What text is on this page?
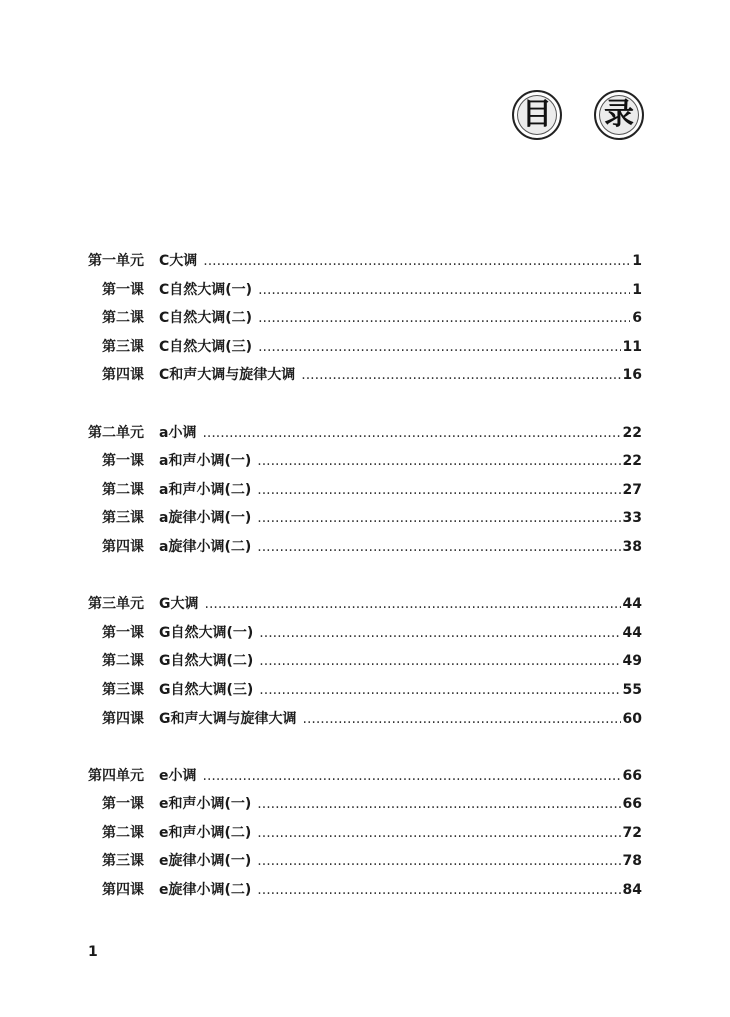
目	录
第一单元	C大调 .....	1
第一课	C自然大调(一) .....	1
第二课	C自然大调(二) .....	6
第三课	C自然大调(三) .....	11
第四课	C和声大调与旋律大调 .....	16
第二单元	a小调 .....	22
第一课	a和声小调(一) .....	22
第二课	a和声小调(二) .....	27
第三课	a旋律小调(一) .....	33
第四课	a旋律小调(二) .....	38
第三单元	G大调 .....	44
第一课	G自然大调(一) .....	44
第二课	G自然大调(二) .....	49
第三课	G自然大调(三) .....	55
第四课	G和声大调与旋律大调 .....	60
第四单元	e小调 .....	66
第一课	e和声小调(一) .....	66
第二课	e和声小调(二) .....	72
第三课	e旋律小调(一) .....	78
第四课	e旋律小调(二) .....	84
1
